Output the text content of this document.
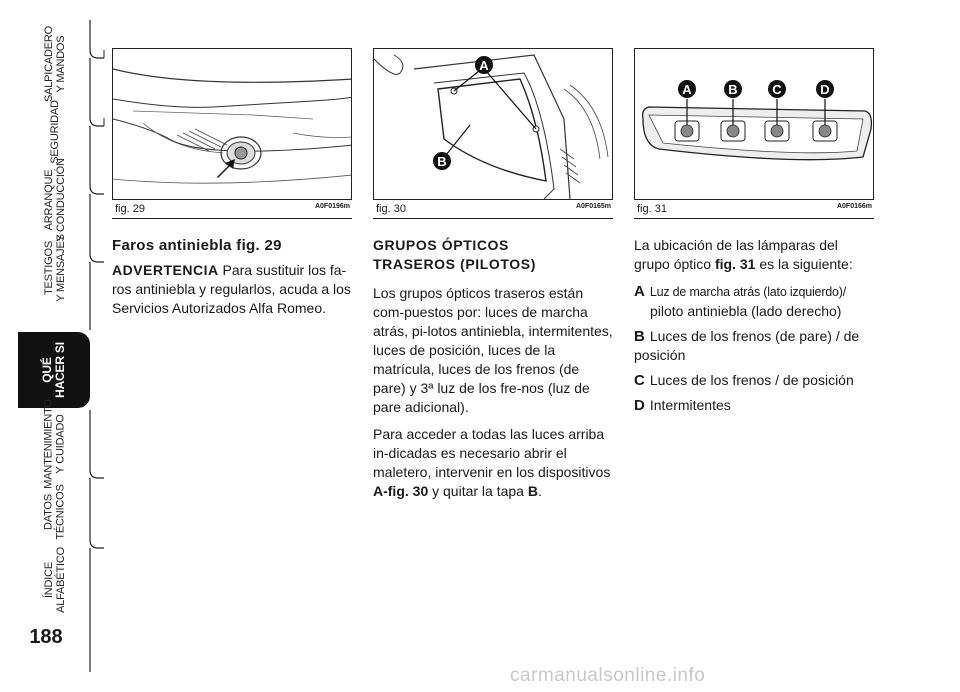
SALPICADERO
Y MANDOS
SEGURIDAD
ARRANQUE
Y CONDUCCIÓN
TESTIGOS
Y MENSAJES
QUÉ
HACER SI
MANTENIMIENTO
Y CUIDADO
DATOS
TÉCNICOS
ÍNDICE
ALFABÉTICO
188
fig. 29	A0F0196m
A
B
fig. 30	A0F0165m
A	B	C	D
fig. 31	A0F0166m
Faros antiniebla fig. 29

ADVERTENCIA Para sustituir los fa-ros antiniebla y regularlos, acuda a los Servicios Autorizados Alfa Romeo.

GRUPOS ÓPTICOS
TRASEROS (PILOTOS)

Los grupos ópticos traseros están com-puestos por: luces de marcha atrás, pi-lotos antiniebla, intermitentes, luces de posición, luces de la matrícula, luces de los frenos (de pare) y 3ª luz de los fre-nos (luz de pare adicional).

Para acceder a todas las luces arriba in-dicadas es necesario abrir el maletero, intervenir en los dispositivos A-fig. 30 y quitar la tapa B.

La ubicación de las lámparas del grupo óptico fig. 31 es la siguiente:

A Luz de marcha atrás (lato izquierdo)/
piloto antiniebla (lado derecho)
B Luces de los frenos (de pare) / de posición
C Luces de los frenos / de posición
D Intermitentes
carmanualsonline.info
